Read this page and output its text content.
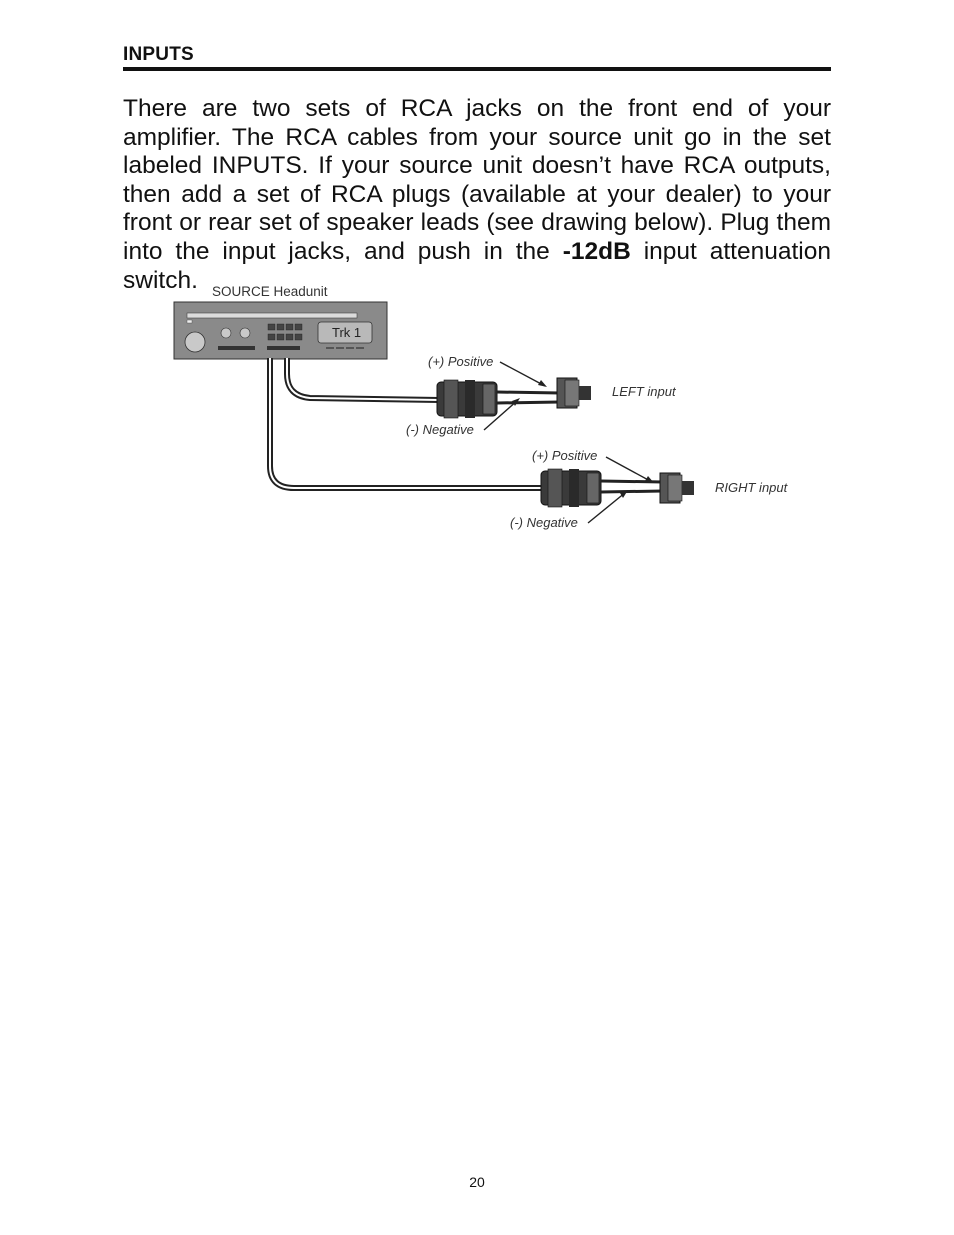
INPUTS

There are two sets of RCA jacks on the front end of your amplifier. The RCA cables from your source unit go in the set labeled INPUTS. If your source unit doesn’t have RCA outputs, then add a set of RCA plugs (available at your dealer) to your front or rear set of speaker leads (see drawing below). Plug them into the input jacks, and push in the -12dB input attenuation switch.	SOURCE Headunit
Trk 1
(+) Positive
(-) Negative
LEFT input
(+) Positive
(-) Negative
RIGHT input
20
